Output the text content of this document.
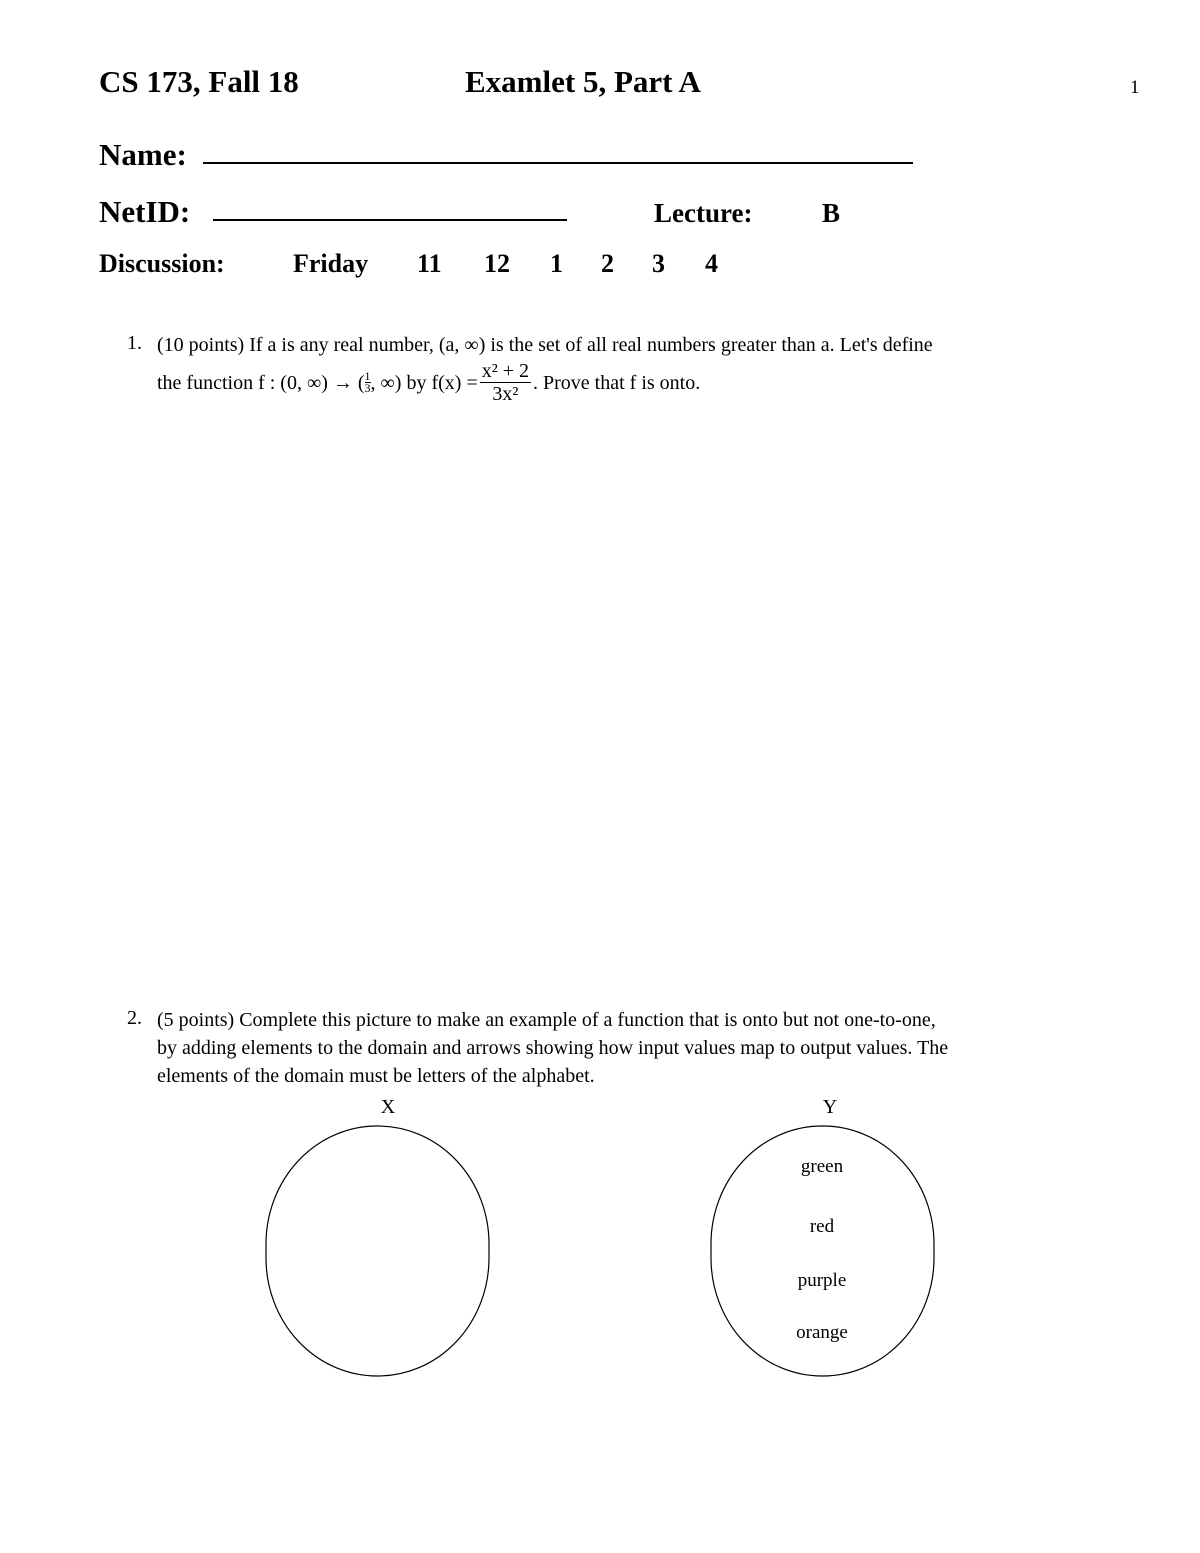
CS 173, Fall 18	Examlet 5, Part A	1
Name:
NetID:	Lecture:	B
Discussion:	Friday 11 12 1 2 3 4
1. (10 points) If a is any real number, (a, ∞) is the set of all real numbers greater than a. Let's define
the function f : (0, ∞) → ( $\frac{1}{3}$ , ∞) by $f(x) = \frac{\text{x² + 2}}{\text{3x²}}$ . Prove that f is onto.
2. (5 points) Complete this picture to make an example of a function that is onto but not one-to-one,
by adding elements to the domain and arrows showing how input values map to output values. The
elements of the domain must be letters of the alphabet.
X	Y
green
red
purple
orange
